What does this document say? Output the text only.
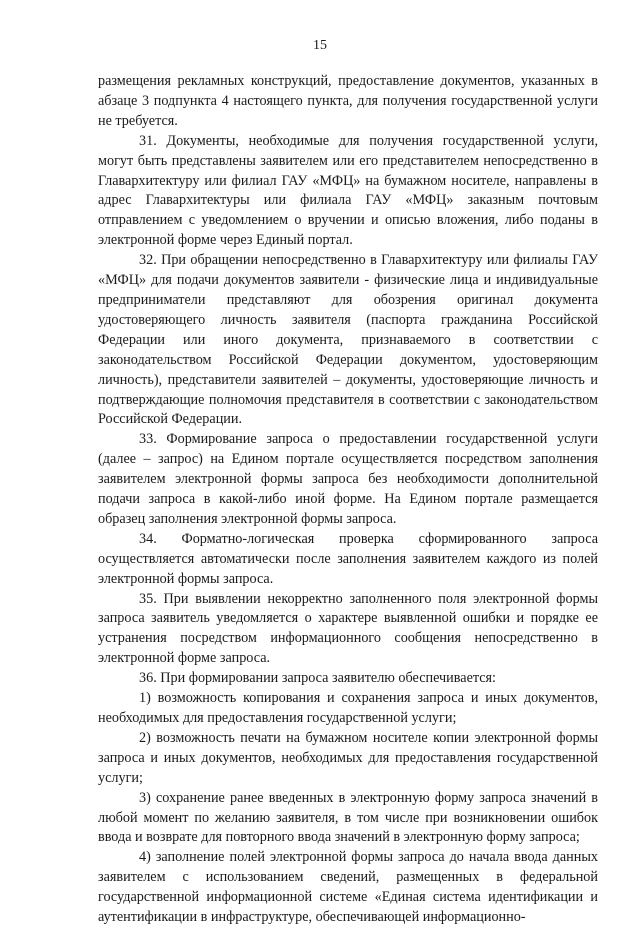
15

размещения рекламных конструкций, предоставление документов, указанных в абзаце 3 подпункта 4 настоящего пункта, для получения государственной услуги не требуется.

31. Документы, необходимые для получения государственной услуги, могут быть представлены заявителем или его представителем непосредственно в Главархитектуру или филиал ГАУ «МФЦ» на бумажном носителе, направлены в адрес Главархитектуры или филиала ГАУ «МФЦ» заказным почтовым отправлением с уведомлением о вручении и описью вложения, либо поданы в электронной форме через Единый портал.

32. При обращении непосредственно в Главархитектуру или филиалы ГАУ «МФЦ» для подачи документов заявители - физические лица и индивидуальные предприниматели представляют для обозрения оригинал документа удостоверяющего личность заявителя (паспорта гражданина Российской Федерации или иного документа, признаваемого в соответствии с законодательством Российской Федерации документом, удостоверяющим личность), представители заявителей – документы, удостоверяющие личность и подтверждающие полномочия представителя в соответствии с законодательством Российской Федерации.

33. Формирование запроса о предоставлении государственной услуги (далее – запрос) на Едином портале осуществляется посредством заполнения заявителем электронной формы запроса без необходимости дополнительной подачи запроса в какой-либо иной форме. На Едином портале размещается образец заполнения электронной формы запроса.

34. Форматно-логическая проверка сформированного запроса осуществляется автоматически после заполнения заявителем каждого из полей электронной формы запроса.

35. При выявлении некорректно заполненного поля электронной формы запроса заявитель уведомляется о характере выявленной ошибки и порядке ее устранения посредством информационного сообщения непосредственно в электронной форме запроса.

36. При формировании запроса заявителю обеспечивается:

1) возможность копирования и сохранения запроса и иных документов, необходимых для предоставления государственной услуги;

2) возможность печати на бумажном носителе копии электронной формы запроса и иных документов, необходимых для предоставления государственной услуги;

3) сохранение ранее введенных в электронную форму запроса значений в любой момент по желанию заявителя, в том числе при возникновении ошибок ввода и возврате для повторного ввода значений в электронную форму запроса;

4) заполнение полей электронной формы запроса до начала ввода данных заявителем с использованием сведений, размещенных в федеральной государственной информационной системе «Единая система идентификации и аутентификации в инфраструктуре, обеспечивающей информационно-
